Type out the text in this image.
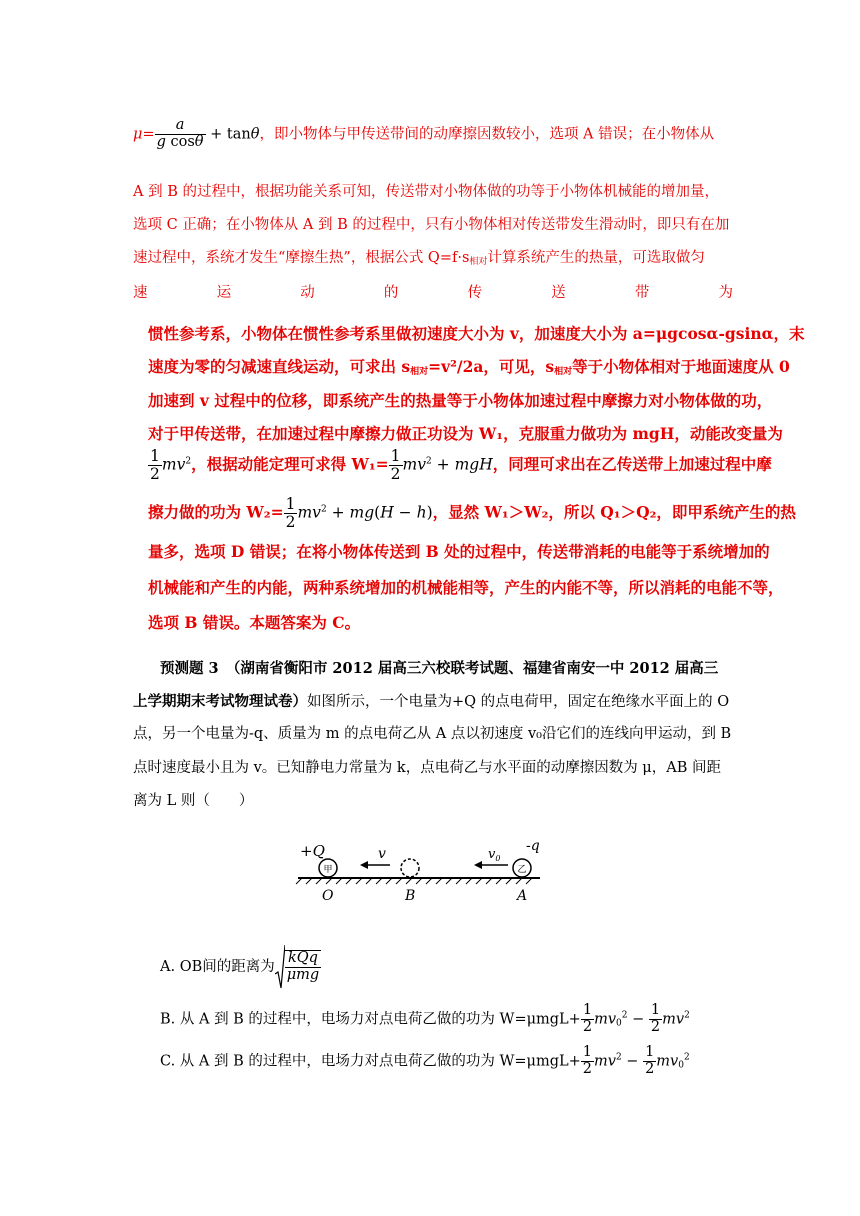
$\mu= \frac{a}{\text{g cosθ}} + \tan\theta$，即小物体与甲传送带间的动摩擦因数较小，选项 A 错误；在小物体从
A 到 B 的过程中，根据功能关系可知，传送带对小物体做的功等于小物体机械能的增加量，
选项 C 正确；在小物体从 A 到 B 的过程中，只有小物体相对传送带发生滑动时，即只有在加
速过程中，系统才发生“摩擦生热”，根据公式 $Q=f\cdot s_{相对}$计算系统产生的热量，可选取做匀
速	运	动	的	传	送	带	为
惯性参考系，小物体在惯性参考系里做初速度大小为 v，加速度大小为 a=μgcosα-gsinα，末
速度为零的匀减速直线运动，可求出 $s_{相对}=v^2/2a$，可见，$s_{相对}$等于小物体相对于地面速度从 0
加速到 v 过程中的位移，即系统产生的热量等于小物体加速过程中摩擦力对小物体做的功，
对于甲传送带，在加速过程中摩擦力做正功设为 W₁，克服重力做功为 mgH，动能改变量为
$\frac{1}{2} mv^2$，根据动能定理可求得 $W_1= \frac{1}{2} mv^2$ + mgH，同理可求出在乙传送带上加速过程中摩
擦力做的功为 $W_2= \frac{1}{2} mv^2 + mg(H - h)$，显然 W₁＞W₂，所以 Q₁＞Q₂，即甲系统产生的热
量多，选项 D 错误；在将小物体传送到 B 处的过程中，传送带消耗的电能等于系统增加的
机械能和产生的内能，两种系统增加的机械能相等，产生的内能不等，所以消耗的电能不等，
选项 B 错误。本题答案为 C。
预测题 3　（湖南省衡阳市 2012 届高三六校联考试题、福建省南安一中 2012 届高三
上学期期末考试物理试卷）如图所示，一个电量为+Q 的点电荷甲，固定在绝缘水平面上的 O
点，另一个电量为-q、质量为 m 的点电荷乙从 A 点以初速度 v₀沿它们的连线向甲运动，到 B
点时速度最小且为 v。已知静电力常量为 k，点电荷乙与水平面的动摩擦因数为 μ，AB 间距
离为 L 则（　　）
甲
+Q	v	$v_0$
乙
-q
O	B	A
A. OB间的距离为 $\frac{\text{kQq}}{\text{μmg}}$
B. 从 A 到 B 的过程中，电场力对点电荷乙做的功为 $W=\mu mgL+ \frac{1}{2} mv_0^2 - \frac{1}{2} mv^2$
C. 从 A 到 B 的过程中，电场力对点电荷乙做的功为 $W=\mu mgL+ \frac{1}{2} mv^2 - \frac{1}{2} mv_0^2$
